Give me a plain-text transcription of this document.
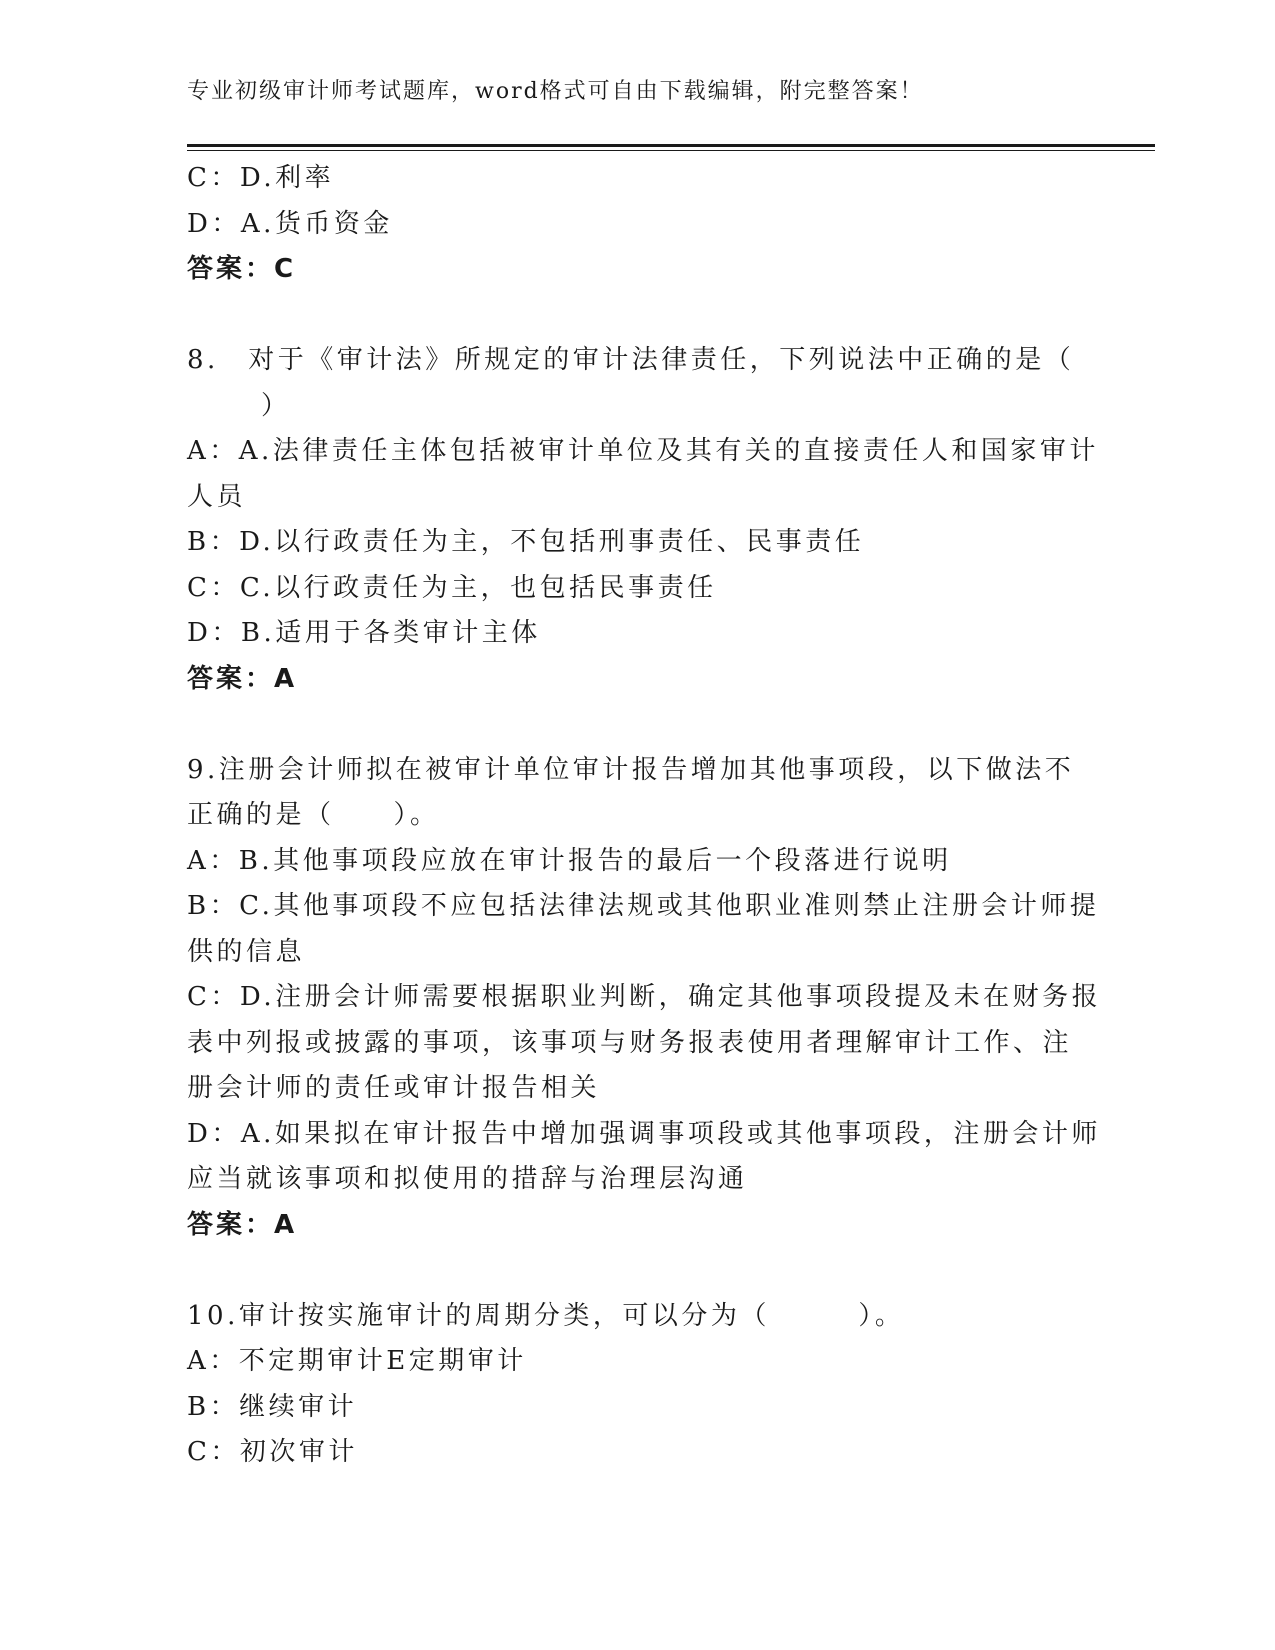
专业初级审计师考试题库，word格式可自由下载编辑，附完整答案！
C：D.利率
D：A.货币资金
答案：C
8.　对于《审计法》所规定的审计法律责任，下列说法中正确的是（
）
A：A.法律责任主体包括被审计单位及其有关的直接责任人和国家审计
人员
B：D.以行政责任为主，不包括刑事责任、民事责任
C：C.以行政责任为主，也包括民事责任
D：B.适用于各类审计主体
答案：A
9.注册会计师拟在被审计单位审计报告增加其他事项段，以下做法不
正确的是（　　）。
A：B.其他事项段应放在审计报告的最后一个段落进行说明
B：C.其他事项段不应包括法律法规或其他职业准则禁止注册会计师提
供的信息
C：D.注册会计师需要根据职业判断，确定其他事项段提及未在财务报
表中列报或披露的事项，该事项与财务报表使用者理解审计工作、注
册会计师的责任或审计报告相关
D：A.如果拟在审计报告中增加强调事项段或其他事项段，注册会计师
应当就该事项和拟使用的措辞与治理层沟通
答案：A
10.审计按实施审计的周期分类，可以分为（　　　）。
A：不定期审计E定期审计
B：继续审计
C：初次审计
